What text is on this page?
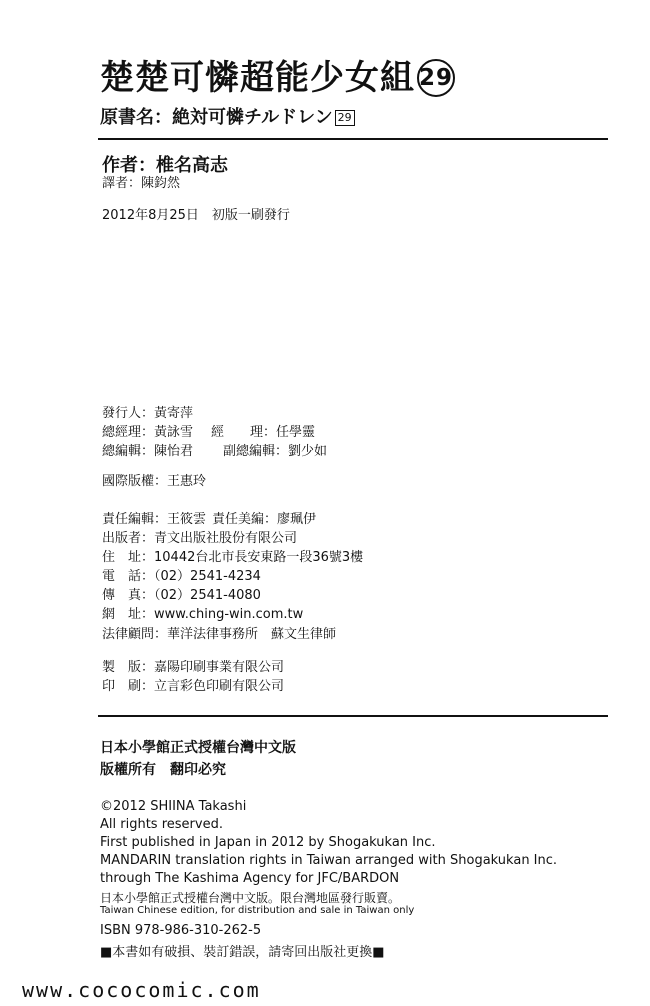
楚楚可憐超能少女組 29
原書名：絶対可憐チルドレン 29
作者：椎名高志
譯者：陳鈞然
2012年8月25日　初版一刷發行
發行人：黃寄萍
總經理：黃詠雪 經　　理：任學靈
總編輯：陳怡君 副總編輯：劉少如
國際版權：王惠玲
責任編輯：王筱雲 責任美編：廖珮伊
出版者：青文出版社股份有限公司
住　址：10442台北市長安東路一段36號3樓
電　話：（02）2541-4234
傳　真：（02）2541-4080
網　址：www.ching-win.com.tw
法律顧問：華洋法律事務所　蘇文生律師
製　版：嘉陽印刷事業有限公司
印　刷：立言彩色印刷有限公司
日本小學館正式授權台灣中文版
版權所有　翻印必究
©2012 SHIINA Takashi
All rights reserved.
First published in Japan in 2012 by Shogakukan Inc.
MANDARIN translation rights in Taiwan arranged with Shogakukan Inc.
through The Kashima Agency for JFC/BARDON
日本小學館正式授權台灣中文版。限台灣地區發行販賣。
Taiwan Chinese edition, for distribution and sale in Taiwan only
ISBN 978-986-310-262-5
■本書如有破損、裝訂錯誤，請寄回出版社更換■
www.cococomic.com
